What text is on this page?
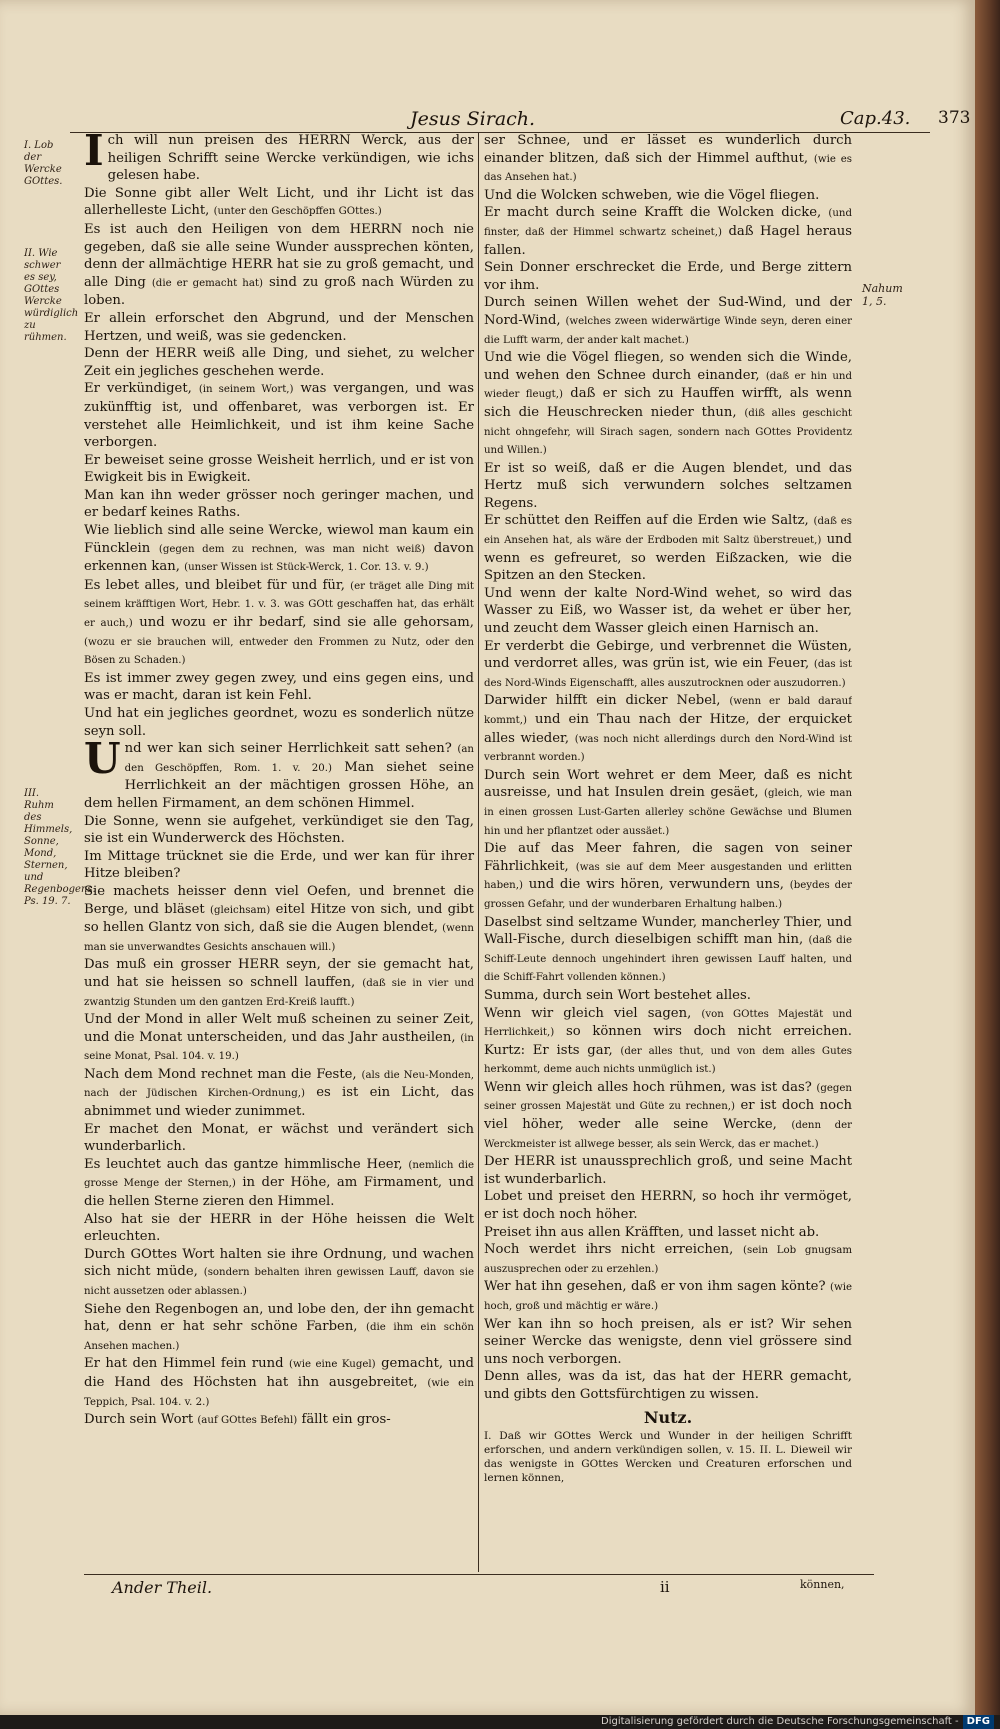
Jesus Sirach.	Cap.43. 373
I. Lob der Wercke GOttes.
II. Wie schwer es sey, GOttes Wercke würdiglich zu rühmen.
III. Ruhm des Himmels, Sonne, Mond, Sternen, und Regenbogens. Ps. 19. 7.
Nahum 1, 5.

Ich will nun preisen des HERRN Werck, aus der heiligen Schrifft seine Wercke verkündigen, wie ichs gelesen habe.

Die Sonne gibt aller Welt Licht, und ihr Licht ist das allerhelleste Licht, (unter den Geschöpffen GOttes.)

Es ist auch den Heiligen von dem HERRN noch nie gegeben, daß sie alle seine Wunder aussprechen könten, denn der allmächtige HERR hat sie zu groß gemacht, und alle Ding (die er gemacht hat) sind zu groß nach Würden zu loben.

Er allein erforschet den Abgrund, und der Menschen Hertzen, und weiß, was sie gedencken.

Denn der HERR weiß alle Ding, und siehet, zu welcher Zeit ein jegliches geschehen werde.

Er verkündiget, (in seinem Wort,) was vergangen, und was zukünfftig ist, und offenbaret, was verborgen ist. Er verstehet alle Heimlichkeit, und ist ihm keine Sache verborgen.

Er beweiset seine grosse Weisheit herrlich, und er ist von Ewigkeit bis in Ewigkeit.

Man kan ihn weder grösser noch geringer machen, und er bedarf keines Raths.

Wie lieblich sind alle seine Wercke, wiewol man kaum ein Füncklein (gegen dem zu rechnen, was man nicht weiß) davon erkennen kan, (unser Wissen ist Stück-Werck, 1. Cor. 13. v. 9.)

Es lebet alles, und bleibet für und für, (er träget alle Ding mit seinem kräfftigen Wort, Hebr. 1. v. 3. was GOtt geschaffen hat, das erhält er auch,) und wozu er ihr bedarf, sind sie alle gehorsam, (wozu er sie brauchen will, entweder den Frommen zu Nutz, oder den Bösen zu Schaden.)

Es ist immer zwey gegen zwey, und eins gegen eins, und was er macht, daran ist kein Fehl.

Und hat ein jegliches geordnet, wozu es sonderlich nütze seyn soll.

Und wer kan sich seiner Herrlichkeit satt sehen? (an den Geschöpffen, Rom. 1. v. 20.) Man siehet seine Herrlichkeit an der mächtigen grossen Höhe, an dem hellen Firmament, an dem schönen Himmel.

Die Sonne, wenn sie aufgehet, verkündiget sie den Tag, sie ist ein Wunderwerck des Höchsten.

Im Mittage trücknet sie die Erde, und wer kan für ihrer Hitze bleiben?

Sie machets heisser denn viel Oefen, und brennet die Berge, und bläset (gleichsam) eitel Hitze von sich, und gibt so hellen Glantz von sich, daß sie die Augen blendet, (wenn man sie unverwandtes Gesichts anschauen will.)

Das muß ein grosser HERR seyn, der sie gemacht hat, und hat sie heissen so schnell lauffen, (daß sie in vier und zwantzig Stunden um den gantzen Erd-Kreiß laufft.)

Und der Mond in aller Welt muß scheinen zu seiner Zeit, und die Monat unterscheiden, und das Jahr austheilen, (in seine Monat, Psal. 104. v. 19.)

Nach dem Mond rechnet man die Feste, (als die Neu-Monden, nach der Jüdischen Kirchen-Ordnung,) es ist ein Licht, das abnimmet und wieder zunimmet.

Er machet den Monat, er wächst und verändert sich wunderbarlich.

Es leuchtet auch das gantze himmlische Heer, (nemlich die grosse Menge der Sternen,) in der Höhe, am Firmament, und die hellen Sterne zieren den Himmel.

Also hat sie der HERR in der Höhe heissen die Welt erleuchten.

Durch GOttes Wort halten sie ihre Ordnung, und wachen sich nicht müde, (sondern behalten ihren gewissen Lauff, davon sie nicht aussetzen oder ablassen.)

Siehe den Regenbogen an, und lobe den, der ihn gemacht hat, denn er hat sehr schöne Farben, (die ihm ein schön Ansehen machen.)

Er hat den Himmel fein rund (wie eine Kugel) gemacht, und die Hand des Höchsten hat ihn ausgebreitet, (wie ein Teppich, Psal. 104. v. 2.)

Durch sein Wort (auf GOttes Befehl) fällt ein gros-

ser Schnee, und er lässet es wunderlich durch einander blitzen, daß sich der Himmel aufthut, (wie es das Ansehen hat.)

Und die Wolcken schweben, wie die Vögel fliegen.

Er macht durch seine Krafft die Wolcken dicke, (und finster, daß der Himmel schwartz scheinet,) daß Hagel heraus fallen.

Sein Donner erschrecket die Erde, und Berge zittern vor ihm.

Durch seinen Willen wehet der Sud-Wind, und der Nord-Wind, (welches zween widerwärtige Winde seyn, deren einer die Lufft warm, der ander kalt machet.)

Und wie die Vögel fliegen, so wenden sich die Winde, und wehen den Schnee durch einander, (daß er hin und wieder fleugt,) daß er sich zu Hauffen wirfft, als wenn sich die Heuschrecken nieder thun, (diß alles geschicht nicht ohngefehr, will Sirach sagen, sondern nach GOttes Providentz und Willen.)

Er ist so weiß, daß er die Augen blendet, und das Hertz muß sich verwundern solches seltzamen Regens.

Er schüttet den Reiffen auf die Erden wie Saltz, (daß es ein Ansehen hat, als wäre der Erdboden mit Saltz überstreuet,) und wenn es gefreuret, so werden Eißzacken, wie die Spitzen an den Stecken.

Und wenn der kalte Nord-Wind wehet, so wird das Wasser zu Eiß, wo Wasser ist, da wehet er über her, und zeucht dem Wasser gleich einen Harnisch an.

Er verderbt die Gebirge, und verbrennet die Wüsten, und verdorret alles, was grün ist, wie ein Feuer, (das ist des Nord-Winds Eigenschafft, alles auszutrocknen oder auszudorren.)

Darwider hilfft ein dicker Nebel, (wenn er bald darauf kommt,) und ein Thau nach der Hitze, der erquicket alles wieder, (was noch nicht allerdings durch den Nord-Wind ist verbrannt worden.)

Durch sein Wort wehret er dem Meer, daß es nicht ausreisse, und hat Insulen drein gesäet, (gleich, wie man in einen grossen Lust-Garten allerley schöne Gewächse und Blumen hin und her pflantzet oder aussäet.)

Die auf das Meer fahren, die sagen von seiner Fährlichkeit, (was sie auf dem Meer ausgestanden und erlitten haben,) und die wirs hören, verwundern uns, (beydes der grossen Gefahr, und der wunderbaren Erhaltung halben.)

Daselbst sind seltzame Wunder, mancherley Thier, und Wall-Fische, durch dieselbigen schifft man hin, (daß die Schiff-Leute dennoch ungehindert ihren gewissen Lauff halten, und die Schiff-Fahrt vollenden können.)

Summa, durch sein Wort bestehet alles.

Wenn wir gleich viel sagen, (von GOttes Majestät und Herrlichkeit,) so können wirs doch nicht erreichen. Kurtz: Er ists gar, (der alles thut, und von dem alles Gutes herkommt, deme auch nichts unmüglich ist.)

Wenn wir gleich alles hoch rühmen, was ist das? (gegen seiner grossen Majestät und Güte zu rechnen,) er ist doch noch viel höher, weder alle seine Wercke, (denn der Werckmeister ist allwege besser, als sein Werck, das er machet.)

Der HERR ist unaussprechlich groß, und seine Macht ist wunderbarlich.

Lobet und preiset den HERRN, so hoch ihr vermöget, er ist doch noch höher.

Preiset ihn aus allen Kräfften, und lasset nicht ab.

Noch werdet ihrs nicht erreichen, (sein Lob gnugsam auszusprechen oder zu erzehlen.)

Wer hat ihn gesehen, daß er von ihm sagen könte? (wie hoch, groß und mächtig er wäre.)

Wer kan ihn so hoch preisen, als er ist? Wir sehen seiner Wercke das wenigste, denn viel grössere sind uns noch verborgen.

Denn alles, was da ist, das hat der HERR gemacht, und gibts den Gottsfürchtigen zu wissen.

Nutz.
I. Daß wir GOttes Werck und Wunder in der heiligen Schrifft erforschen, und andern verkündigen sollen, v. 15. II. L. Dieweil wir das wenigste in GOttes Wercken und Creaturen erforschen und lernen können,
Ander Theil.	ii	können,
Digitalisierung gefördert durch die Deutsche Forschungsgemeinschaft - DFG
